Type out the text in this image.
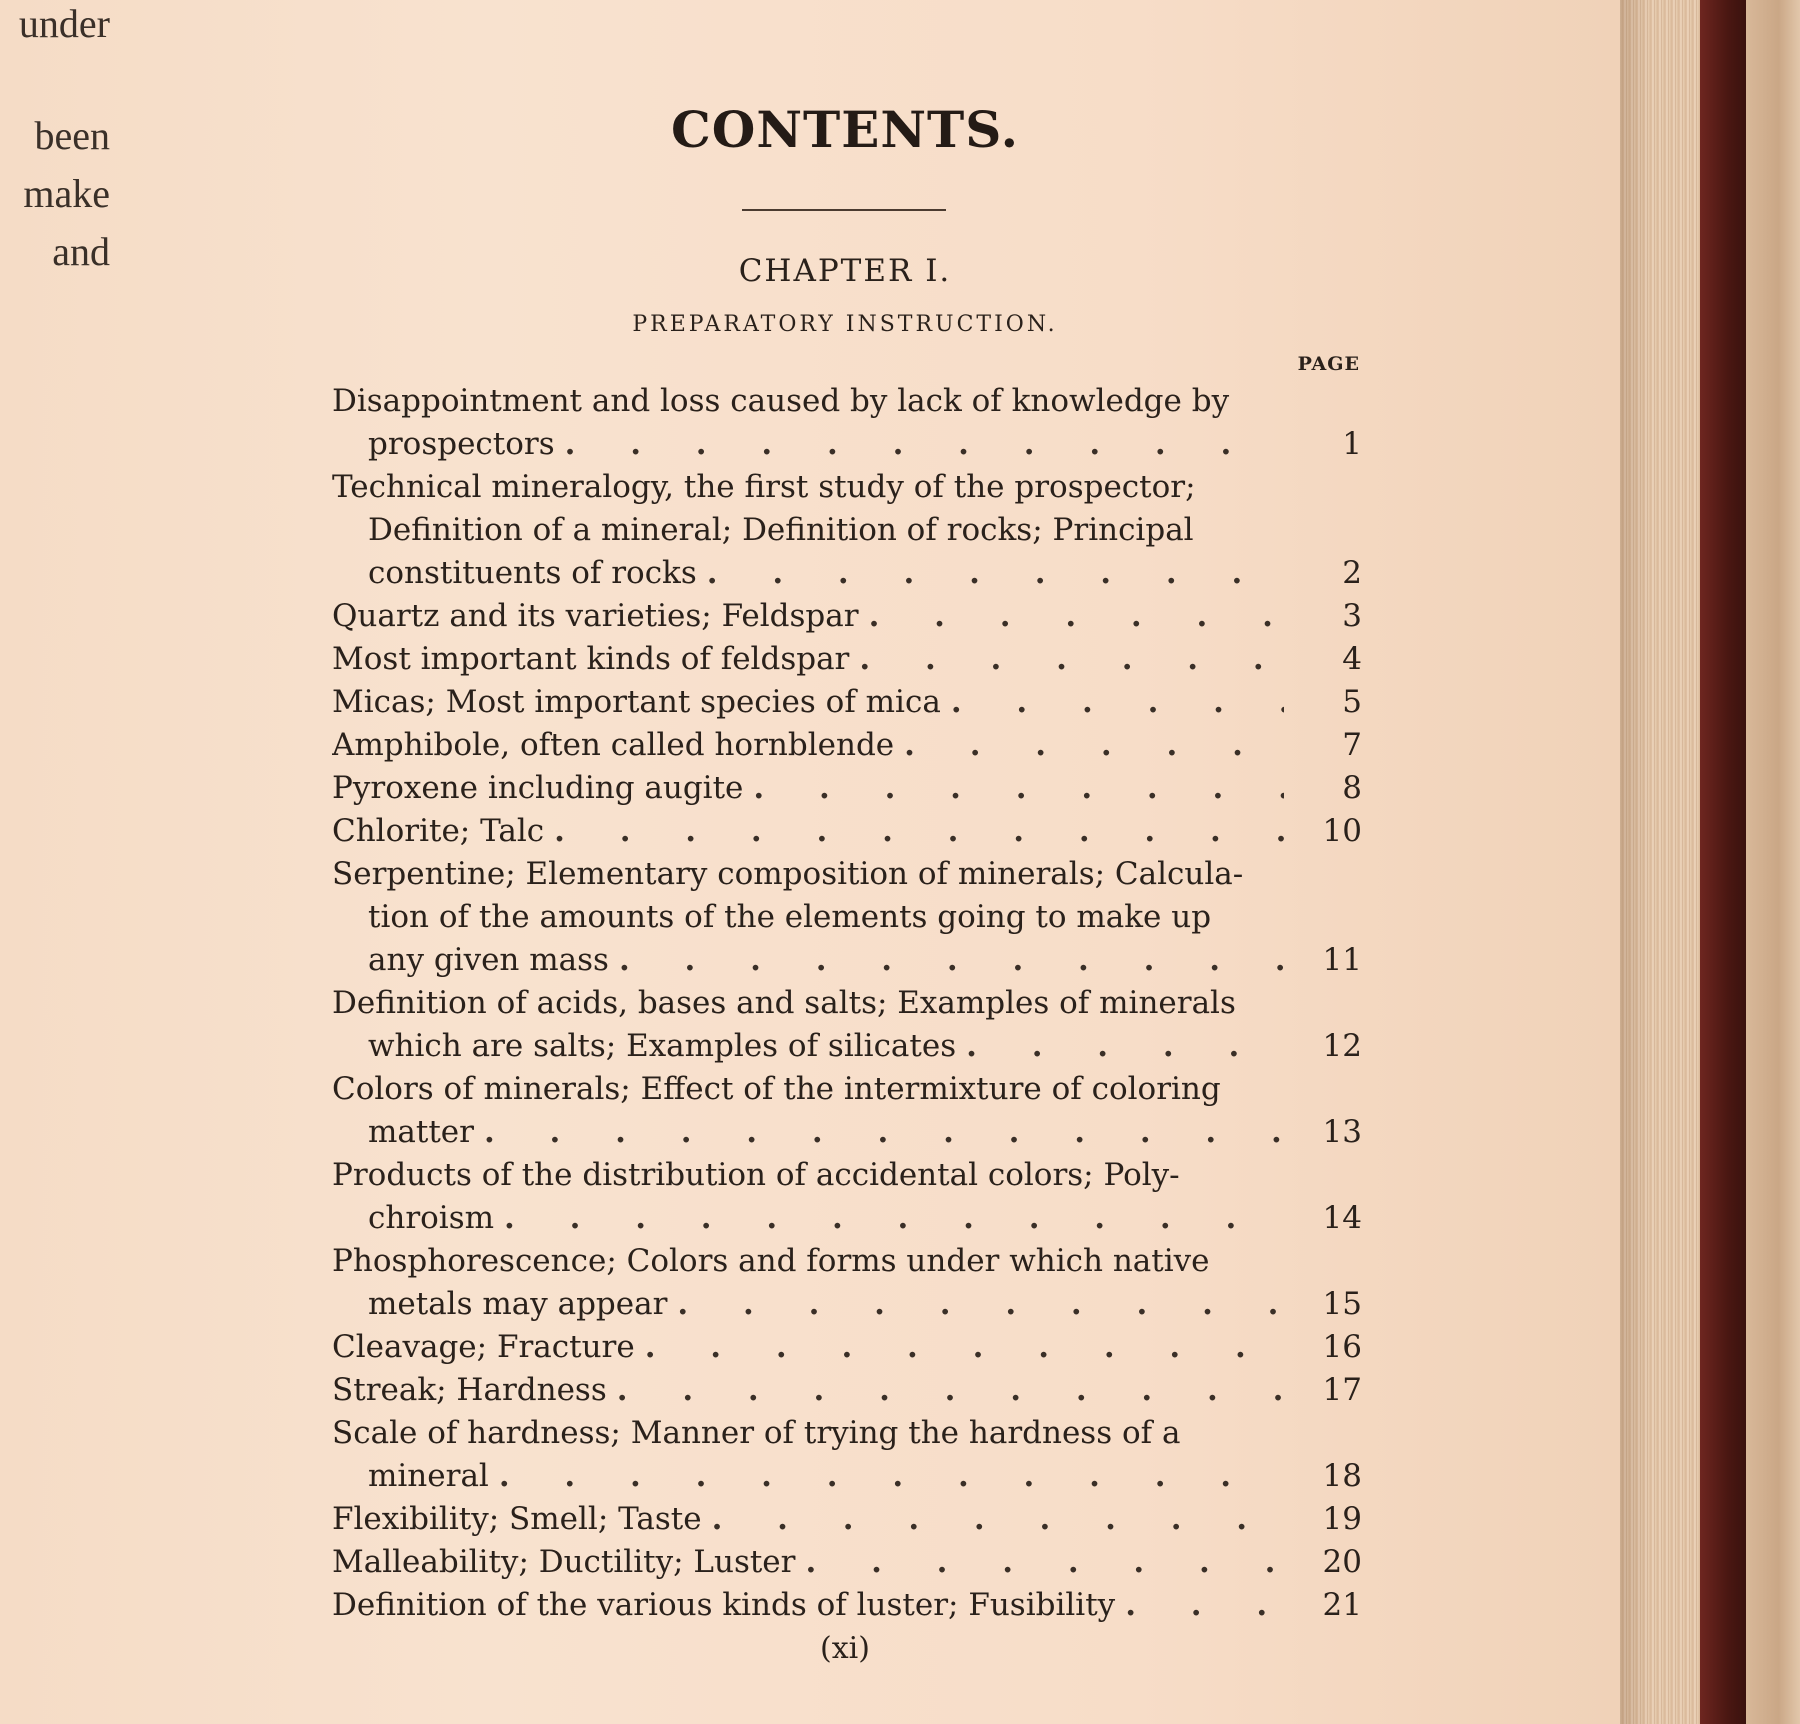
under
been
make
and
CONTENTS.
CHAPTER I.
PREPARATORY INSTRUCTION.
PAGE
Disappointment and loss caused by lack of knowledge by
prospectors . . .	1
Technical mineralogy, the first study of the prospector;
Definition of a mineral; Definition of rocks; Principal
constituents of rocks . . .	2
Quartz and its varieties; Feldspar . . .	3
Most important kinds of feldspar . . .	4
Micas; Most important species of mica . . .	5
Amphibole, often called hornblende . . .	7
Pyroxene including augite . . .	8
Chlorite; Talc . . .	10
Serpentine; Elementary composition of minerals; Calcula-
tion of the amounts of the elements going to make up
any given mass . . .	11
Definition of acids, bases and salts; Examples of minerals
which are salts; Examples of silicates . . .	12
Colors of minerals; Effect of the intermixture of coloring
matter . . .	13
Products of the distribution of accidental colors; Poly-
chroism . . .	14
Phosphorescence; Colors and forms under which native
metals may appear . . .	15
Cleavage; Fracture . . .	16
Streak; Hardness . . .	17
Scale of hardness; Manner of trying the hardness of a
mineral . . .	18
Flexibility; Smell; Taste . . .	19
Malleability; Ductility; Luster . . .	20
Definition of the various kinds of luster; Fusibility . . .	21
(xi)
